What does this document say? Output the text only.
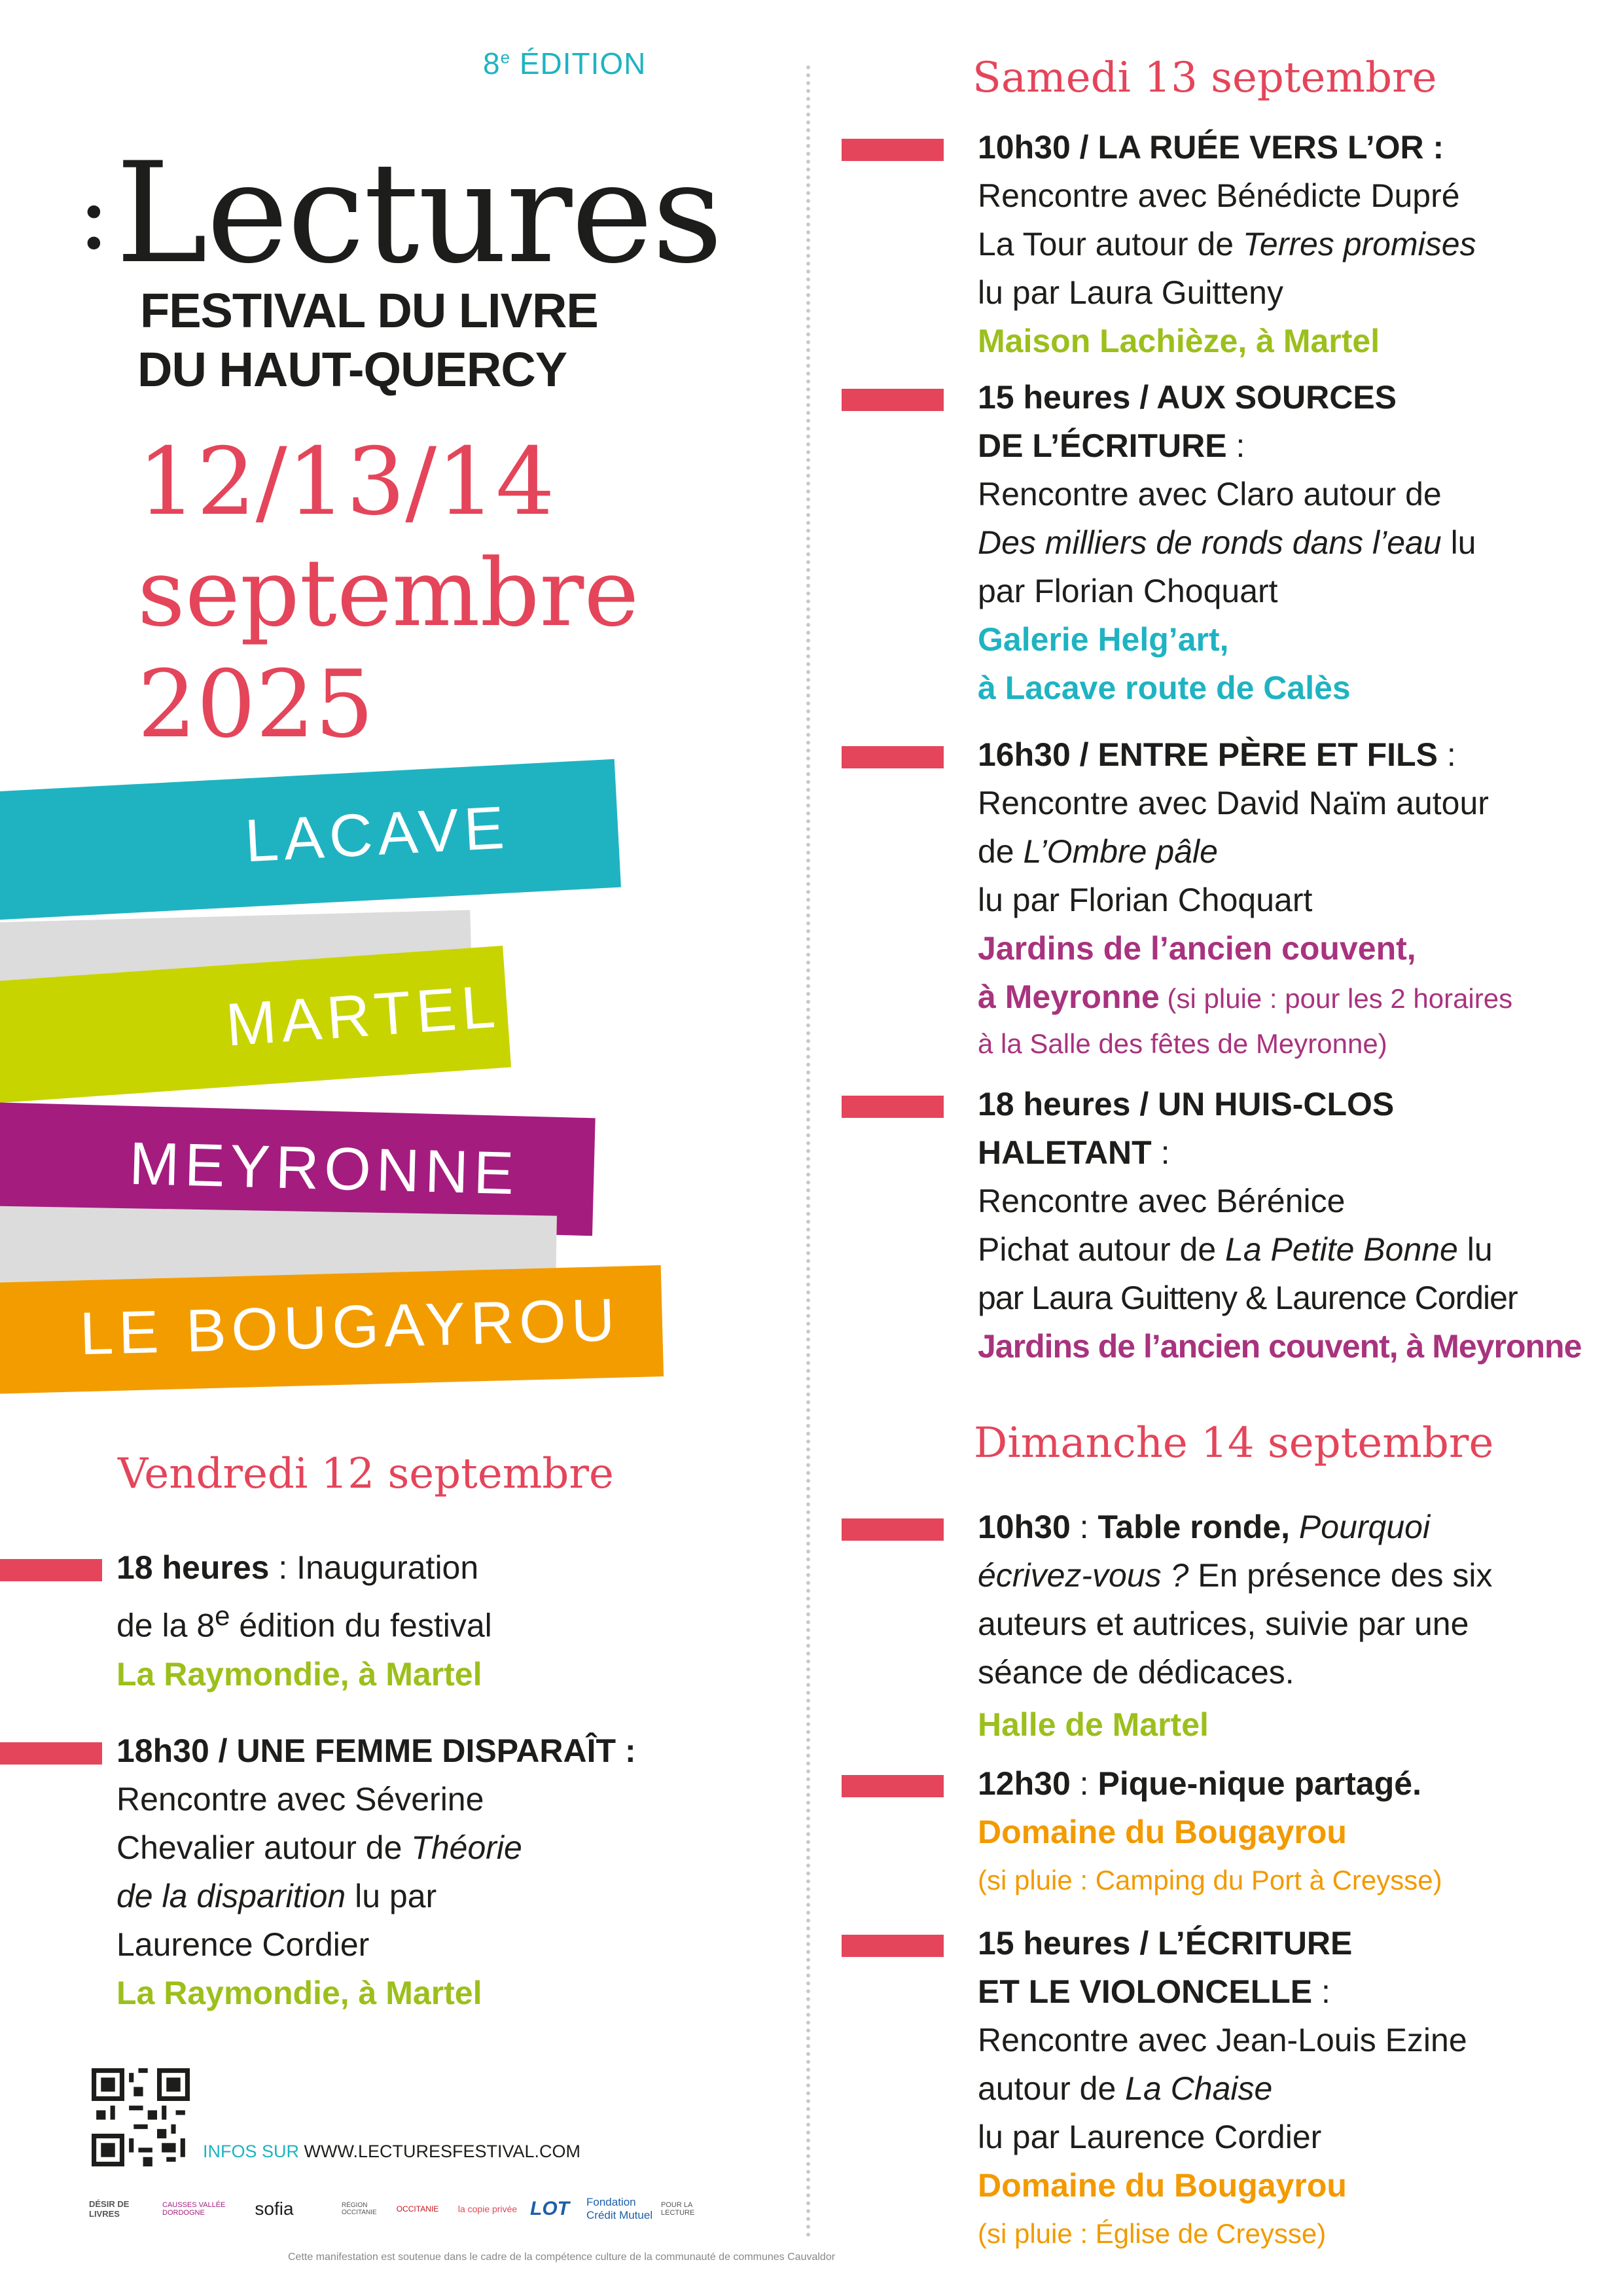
8e ÉDITION
:Lectures
FESTIVAL DU LIVRE
DU HAUT-QUERCY
12/13/14
septembre
2025
LACAVE
MARTEL
MEYRONNE
LE BOUGAYROU
Vendredi 12 septembre
18 heures : Inauguration
de la 8e édition du festival
La Raymondie, à Martel
18h30 / UNE FEMME DISPARAÎT :
Rencontre avec Séverine
Chevalier autour de Théorie
de la disparition lu par
Laurence Cordier
La Raymondie, à Martel
Samedi 13 septembre
10h30 / LA RUÉE VERS L’OR :
Rencontre avec Bénédicte Dupré
La Tour autour de Terres promises
lu par Laura Guitteny
Maison Lachièze, à Martel
15 heures / AUX SOURCES
DE L’ÉCRITURE :
Rencontre avec Claro autour de
Des milliers de ronds dans l’eau lu
par Florian Choquart
Galerie Helg’art,
à Lacave route de Calès
16h30 / ENTRE PÈRE ET FILS :
Rencontre avec David Naïm autour
de L’Ombre pâle
lu par Florian Choquart
Jardins de l’ancien couvent,
à Meyronne (si pluie : pour les 2 horaires
à la Salle des fêtes de Meyronne)
18 heures / UN HUIS-CLOS
HALETANT :
Rencontre avec Bérénice
Pichat autour de La Petite Bonne lu
par Laura Guitteny & Laurence Cordier
Jardins de l’ancien couvent, à Meyronne
Dimanche 14 septembre
10h30 : Table ronde, Pourquoi
écrivez-vous ? En présence des six
auteurs et autrices, suivie par une
séance de dédicaces.
Halle de Martel
12h30 : Pique-nique partagé.
Domaine du Bougayrou
(si pluie : Camping du Port à Creysse)
15 heures / L’ÉCRITURE
ET LE VIOLONCELLE :
Rencontre avec Jean-Louis Ezine
autour de La Chaise
lu par Laurence Cordier
Domaine du Bougayrou
(si pluie : Église de Creysse)
INFOS SUR WWW.LECTURESFESTIVAL.COM
DÉSIR DE LIVRES
CAUSSES VALLÉE DORDOGNE	sofia	RÉGION OCCITANIE	OCCITANIE	la copie privée LOT Fondation Crédit Mutuel
POUR LA LECTURE
Cette manifestation est soutenue dans le cadre de la compétence culture de la communauté de communes Cauvaldor
